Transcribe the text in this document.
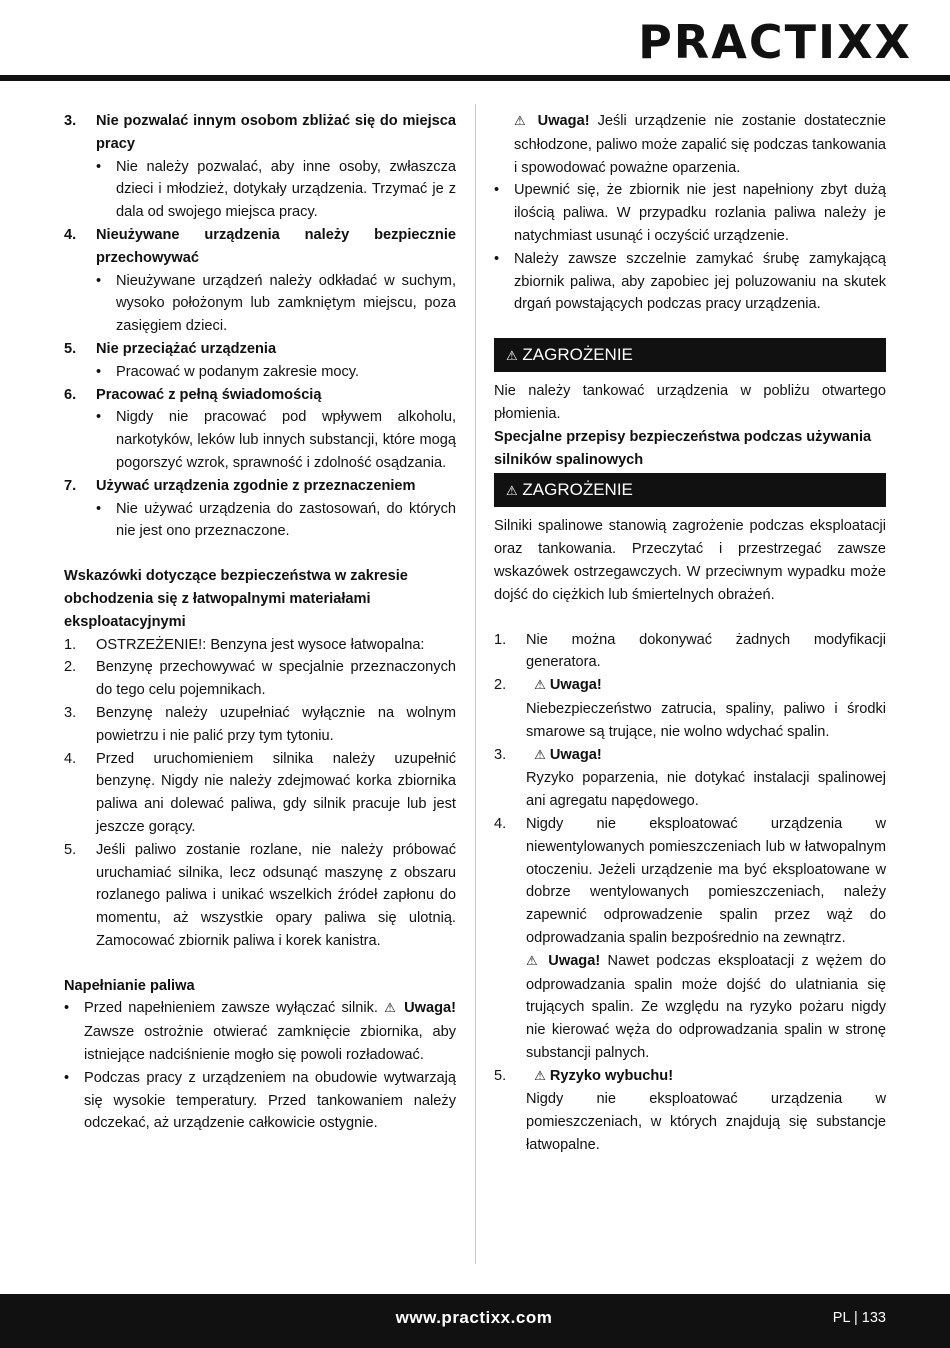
PRACTIXX
3. Nie pozwalać innym osobom zbliżać się do miejsca pracy
• Nie należy pozwalać, aby inne osoby, zwłaszcza dzieci i młodzież, dotykały urządzenia. Trzymać je z dala od swojego miejsca pracy.
4. Nieużywane urządzenia należy bezpiecznie przechowywać
• Nieużywane urządzeń należy odkładać w suchym, wysoko położonym lub zamkniętym miejscu, poza zasięgiem dzieci.
5. Nie przeciążać urządzenia
• Pracować w podanym zakresie mocy.
6. Pracować z pełną świadomością
• Nigdy nie pracować pod wpływem alkoholu, narkotyków, leków lub innych substancji, które mogą pogorszyć wzrok, sprawność i zdolność osądzania.
7. Używać urządzenia zgodnie z przeznaczeniem
• Nie używać urządzenia do zastosowań, do których nie jest ono przeznaczone.
Wskazówki dotyczące bezpieczeństwa w zakresie obchodzenia się z łatwopalnymi materiałami eksploatacyjnymi
1. OSTRZEŻENIE!: Benzyna jest wysoce łatwopalna:
2. Benzynę przechowywać w specjalnie przeznaczonych do tego celu pojemnikach.
3. Benzynę należy uzupełniać wyłącznie na wolnym powietrzu i nie palić przy tym tytoniu.
4. Przed uruchomieniem silnika należy uzupełnić benzynę. Nigdy nie należy zdejmować korka zbiornika paliwa ani dolewać paliwa, gdy silnik pracuje lub jest jeszcze gorący.
5. Jeśli paliwo zostanie rozlane, nie należy próbować uruchamiać silnika, lecz odsunąć maszynę z obszaru rozlanego paliwa i unikać wszelkich źródeł zapłonu do momentu, aż wszystkie opary paliwa się ulotnią. Zamocować zbiornik paliwa i korek kanistra.
Napełnianie paliwa
• Przed napełnieniem zawsze wyłączać silnik. ⚠ Uwaga! Zawsze ostrożnie otwierać zamknięcie zbiornika, aby istniejące nadciśnienie mogło się powoli rozładować.
• Podczas pracy z urządzeniem na obudowie wytwarzają się wysokie temperatury. Przed tankowaniem należy odczekać, aż urządzenie całkowicie ostygnie.
⚠ Uwaga! Jeśli urządzenie nie zostanie dostatecznie schłodzone, paliwo może zapalić się podczas tankowania i spowodować poważne oparzenia.
• Upewnić się, że zbiornik nie jest napełniony zbyt dużą ilością paliwa. W przypadku rozlania paliwa należy je natychmiast usunąć i oczyścić urządzenie.
• Należy zawsze szczelnie zamykać śrubę zamykającą zbiornik paliwa, aby zapobiec jej poluzowaniu na skutek drgań powstających podczas pracy urządzenia.
⚠ ZAGROŻENIE
Nie należy tankować urządzenia w pobliżu otwartego płomienia.
Specjalne przepisy bezpieczeństwa podczas używania silników spalinowych
⚠ ZAGROŻENIE
Silniki spalinowe stanowią zagrożenie podczas eksploatacji oraz tankowania. Przeczytać i przestrzegać zawsze wskazówek ostrzegawczych. W przeciwnym wypadku może dojść do ciężkich lub śmiertelnych obrażeń.
1. Nie można dokonywać żadnych modyfikacji generatora.
2.	⚠ Uwaga!
Niebezpieczeństwo zatrucia, spaliny, paliwo i środki smarowe są trujące, nie wolno wdychać spalin.
3.	⚠ Uwaga!
Ryzyko poparzenia, nie dotykać instalacji spalinowej ani agregatu napędowego.
4. Nigdy nie eksploatować urządzenia w niewentylowanych pomieszczeniach lub w łatwopalnym otoczeniu. Jeżeli urządzenie ma być eksploatowane w dobrze wentylowanych pomieszczeniach, należy zapewnić odprowadzenie spalin przez wąż do odprowadzania spalin bezpośrednio na zewnątrz.
⚠ Uwaga! Nawet podczas eksploatacji z wężem do odprowadzania spalin może dojść do ulatniania się trujących spalin. Ze względu na ryzyko pożaru nigdy nie kierować węża do odprowadzania spalin w stronę substancji palnych.
5.	⚠ Ryzyko wybuchu!
Nigdy nie eksploatować urządzenia w pomieszczeniach, w których znajdują się substancje łatwopalne.
www.practixx.com	PL | 133
